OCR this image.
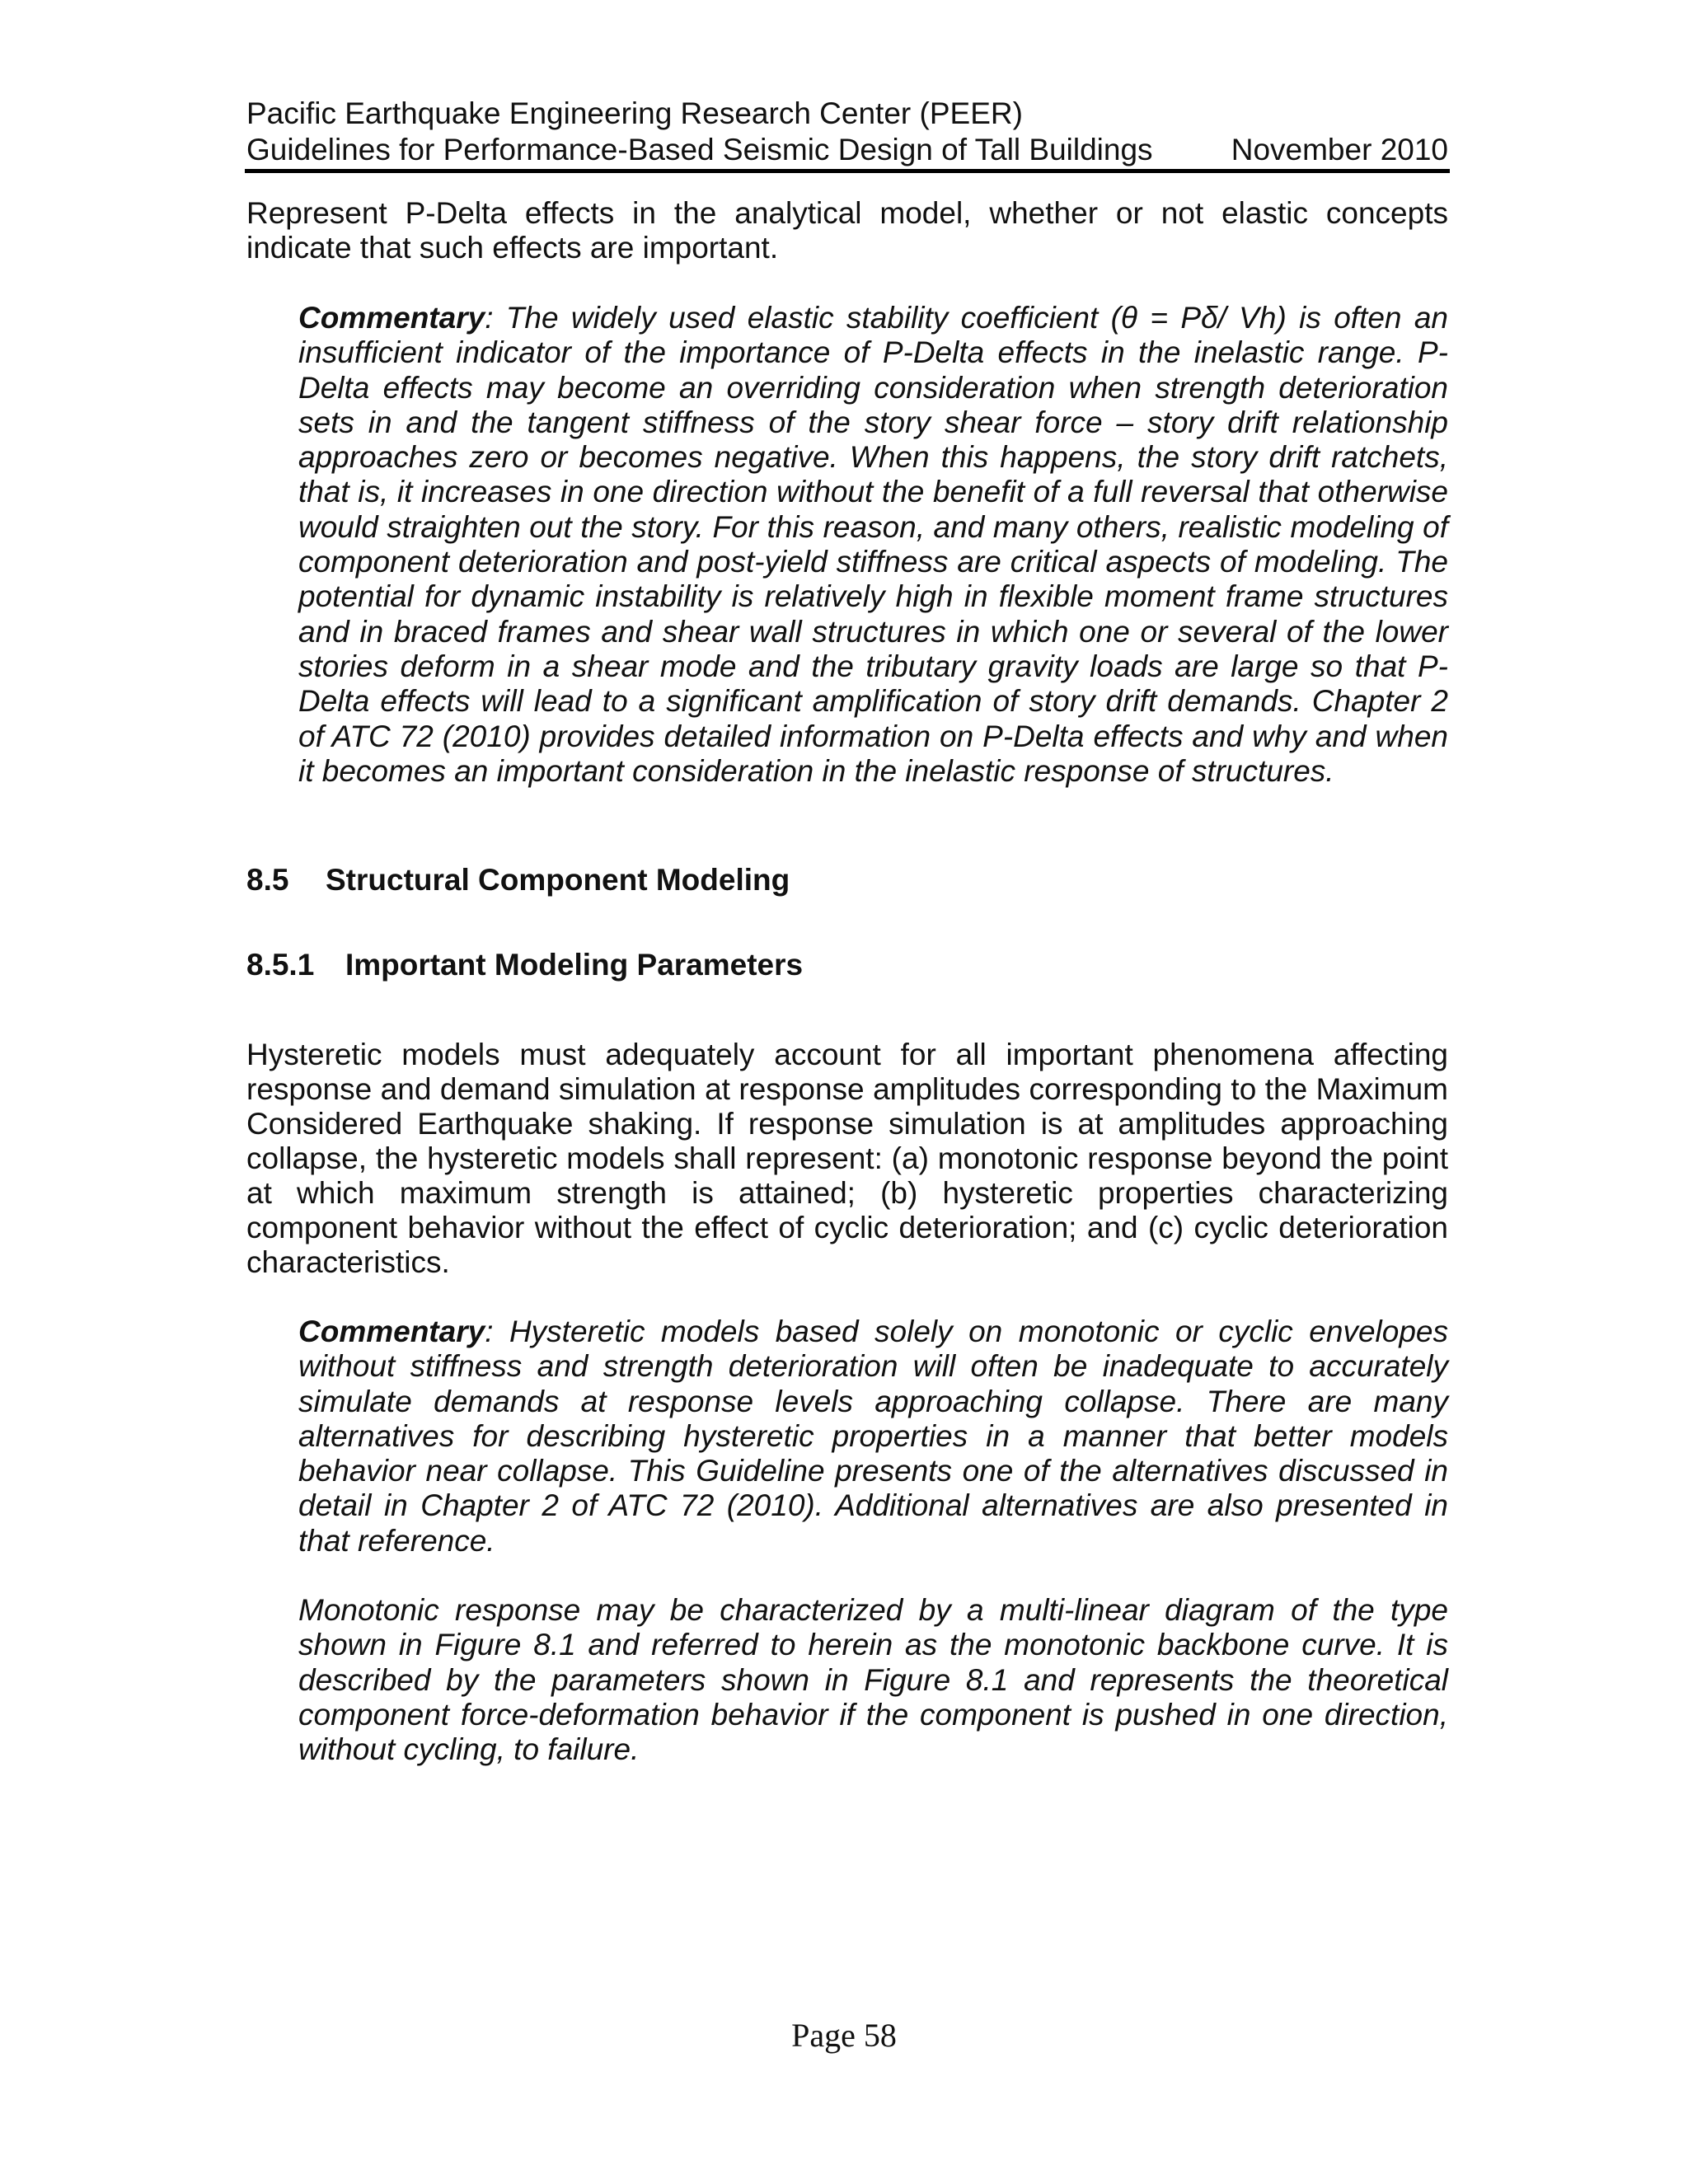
Pacific Earthquake Engineering Research Center (PEER)
Guidelines for Performance-Based Seismic Design of Tall Buildings	November 2010

Represent P-Delta effects in the analytical model, whether or not elastic concepts indicate that such effects are important.

Commentary: The widely used elastic stability coefficient (θ = Pδ/ Vh) is often an insufficient indicator of the importance of P-Delta effects in the inelastic range. P-Delta effects may become an overriding consideration when strength deterioration sets in and the tangent stiffness of the story shear force – story drift relationship approaches zero or becomes negative. When this happens, the story drift ratchets, that is, it increases in one direction without the benefit of a full reversal that otherwise would straighten out the story. For this reason, and many others, realistic modeling of component deterioration and post-yield stiffness are critical aspects of modeling. The potential for dynamic instability is relatively high in flexible moment frame structures and in braced frames and shear wall structures in which one or several of the lower stories deform in a shear mode and the tributary gravity loads are large so that P-Delta effects will lead to a significant amplification of story drift demands. Chapter 2 of ATC 72 (2010) provides detailed information on P-Delta effects and why and when it becomes an important consideration in the inelastic response of structures.

8.5 Structural Component Modeling
8.5.1 Important Modeling Parameters

Hysteretic models must adequately account for all important phenomena affecting response and demand simulation at response amplitudes corresponding to the Maximum Considered Earthquake shaking. If response simulation is at amplitudes approaching collapse, the hysteretic models shall represent: (a) monotonic response beyond the point at which maximum strength is attained; (b) hysteretic properties characterizing component behavior without the effect of cyclic deterioration; and (c) cyclic deterioration characteristics.

Commentary: Hysteretic models based solely on monotonic or cyclic envelopes without stiffness and strength deterioration will often be inadequate to accurately simulate demands at response levels approaching collapse. There are many alternatives for describing hysteretic properties in a manner that better models behavior near collapse. This Guideline presents one of the alternatives discussed in detail in Chapter 2 of ATC 72 (2010). Additional alternatives are also presented in that reference.

Monotonic response may be characterized by a multi-linear diagram of the type shown in Figure 8.1 and referred to herein as the monotonic backbone curve. It is described by the parameters shown in Figure 8.1 and represents the theoretical component force-deformation behavior if the component is pushed in one direction, without cycling, to failure.

Page 58
